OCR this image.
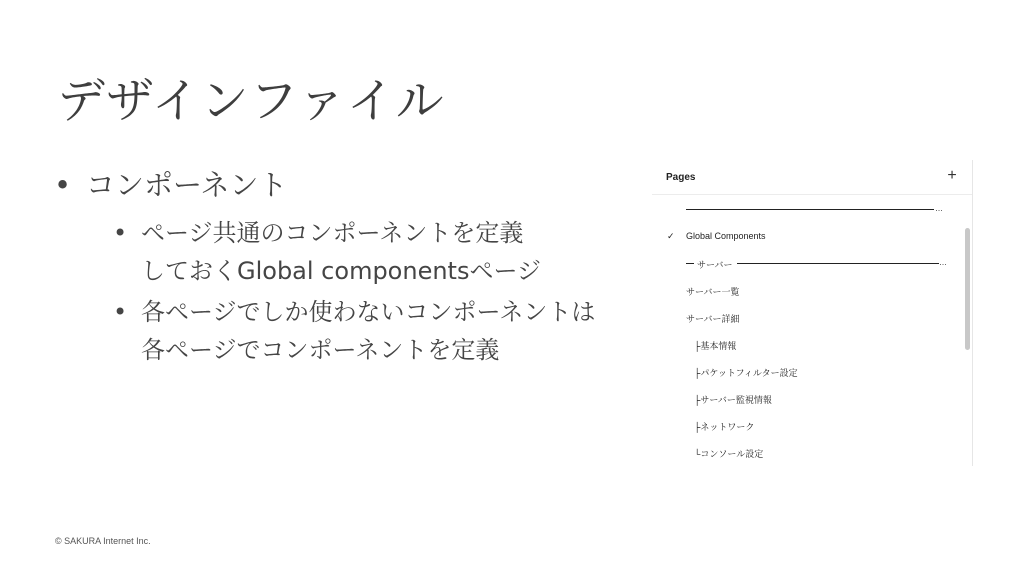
デザインファイル
• コンポーネント
• ページ共通のコンポーネントを定義
しておくGlobal componentsページ
• 各ページでしか使わないコンポーネントは
各ページでコンポーネントを定義
Pages	+
…
✓ Global Components
サーバー	…
サーバー一覧
サーバー詳細
├基本情報
├パケットフィルター設定
├サーバー監視情報
├ネットワーク
└コンソール設定
© SAKURA Internet Inc.
